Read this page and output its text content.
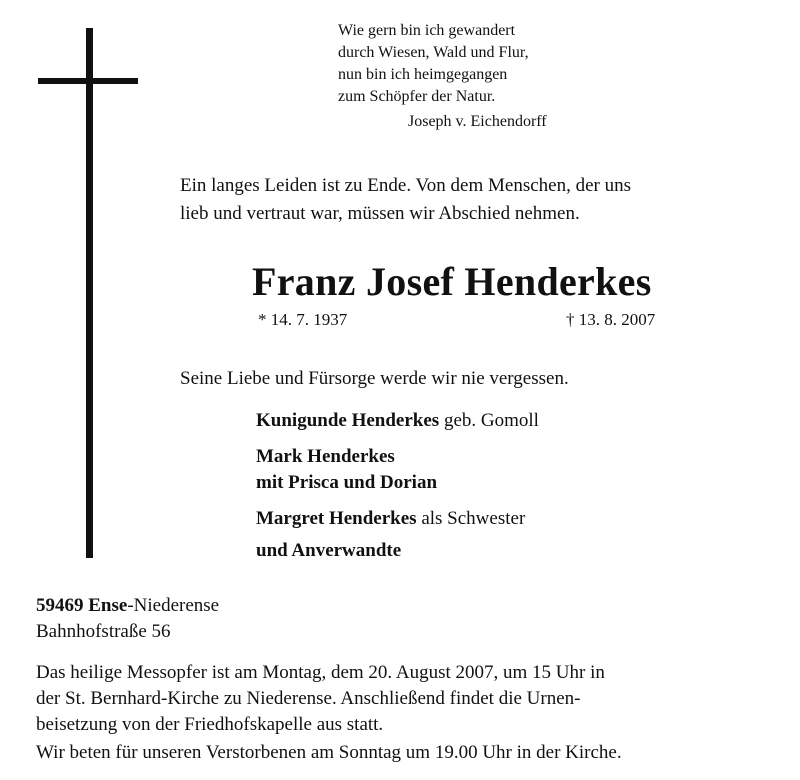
Wie gern bin ich gewandert
durch Wiesen, Wald und Flur,
nun bin ich heimgegangen
zum Schöpfer der Natur.
Joseph v. Eichendorff
Ein langes Leiden ist zu Ende. Von dem Menschen, der uns
lieb und vertraut war, müssen wir Abschied nehmen.
Franz Josef Henderkes
* 14. 7. 1937	† 13. 8. 2007
Seine Liebe und Fürsorge werde wir nie vergessen.
Kunigunde Henderkes geb. Gomoll
Mark Henderkes
mit Prisca und Dorian
Margret Henderkes als Schwester
und Anverwandte
59469 Ense-Niederense
Bahnhofstraße 56
Das heilige Messopfer ist am Montag, dem 20. August 2007, um 15 Uhr in
der St. Bernhard-Kirche zu Niederense. Anschließend findet die Urnen-
beisetzung von der Friedhofskapelle aus statt.
Wir beten für unseren Verstorbenen am Sonntag um 19.00 Uhr in der Kirche.
